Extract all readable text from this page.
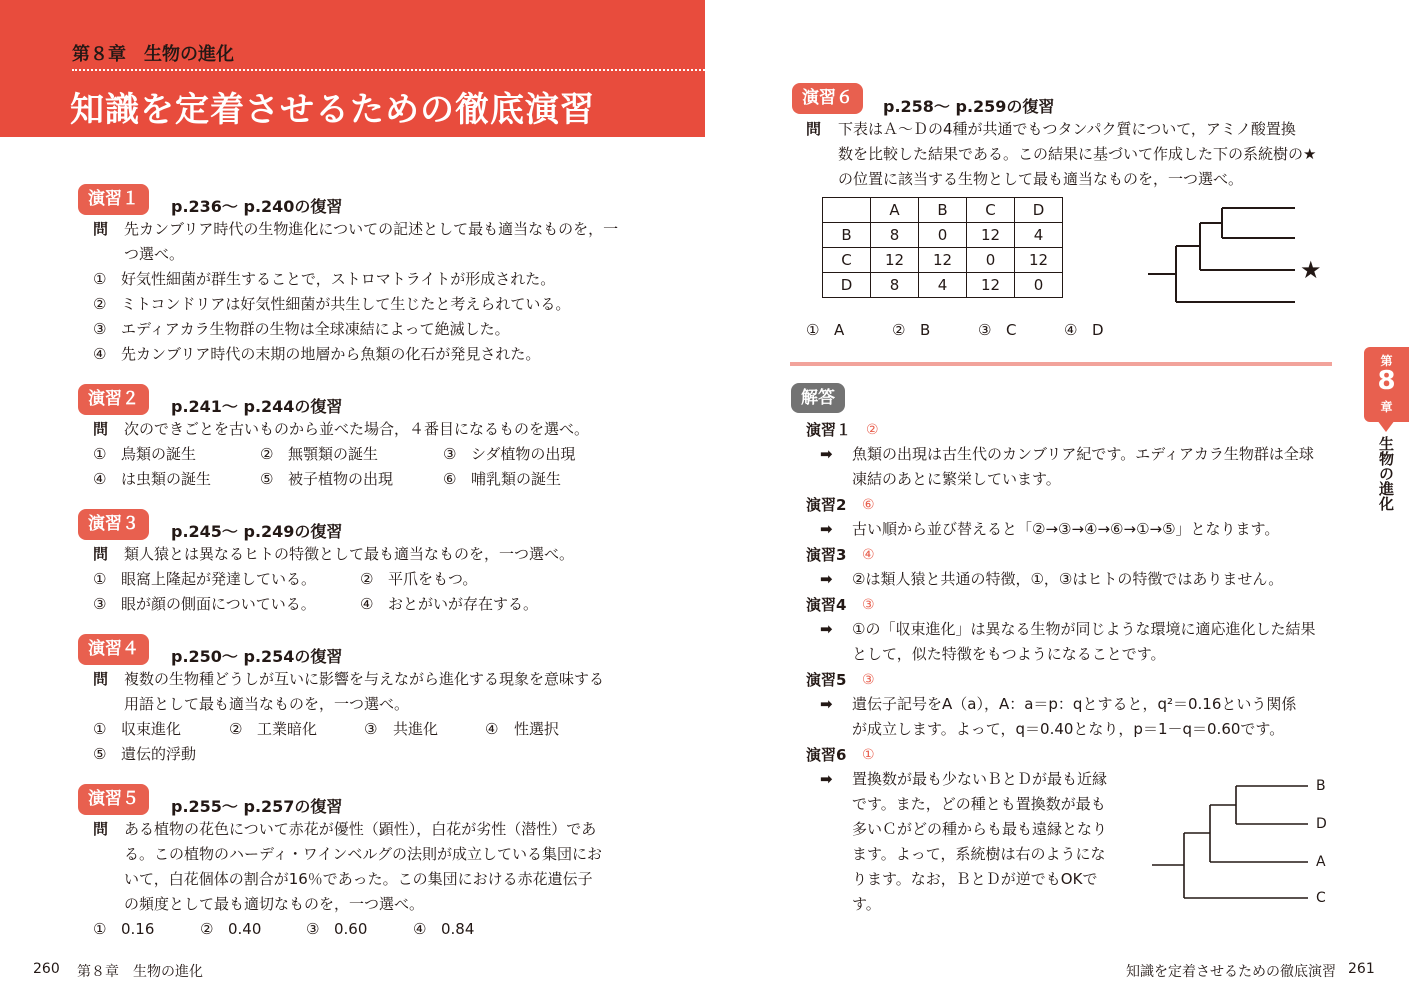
第８章　生物の進化
知識を定着させるための徹底演習
演習１	p.236～ p.240の復習
問 先カンブリア時代の生物進化についての記述として最も適当なものを，一
つ選べ。
① 好気性細菌が群生することで，ストロマトライトが形成された。
② ミトコンドリアは好気性細菌が共生して生じたと考えられている。
③ エディアカラ生物群の生物は全球凍結によって絶滅した。
④ 先カンブリア時代の末期の地層から魚類の化石が発見された。
演習２	p.241～ p.244の復習
問 次のできごとを古いものから並べた場合，４番目になるものを選べ。
① 鳥類の誕生	② 無顎類の誕生	③ シダ植物の出現
④ は虫類の誕生	⑤ 被子植物の出現	⑥ 哺乳類の誕生
演習３	p.245～ p.249の復習
問 類人猿とは異なるヒトの特徴として最も適当なものを，一つ選べ。
① 眼窩上隆起が発達している。	② 平爪をもつ。
③ 眼が顔の側面についている。	④ おとがいが存在する。
演習４	p.250～ p.254の復習
問 複数の生物種どうしが互いに影響を与えながら進化する現象を意味する
用語として最も適当なものを，一つ選べ。
① 収束進化	② 工業暗化	③ 共進化	④ 性選択
⑤ 遺伝的浮動
演習５	p.255～ p.257の復習
問 ある植物の花色について赤花が優性（顕性），白花が劣性（潜性）であ
る。この植物のハーディ・ワインベルグの法則が成立している集団にお
いて，白花個体の割合が16％であった。この集団における赤花遺伝子
の頻度として最も適切なものを，一つ選べ。
① 0.16	② 0.40	③ 0.60	④ 0.84
260 第８章　生物の進化
演習６	p.258～ p.259の復習
問 下表はＡ～Ｄの4種が共通でもつタンパク質について，アミノ酸置換
数を比較した結果である。この結果に基づいて作成した下の系統樹の★
の位置に該当する生物として最も適当なものを，一つ選べ。
	A	B	C	D
B	8	0	12	4
C	12	12	0	12
D	8	4	12	0
★
① A	② B	③ C	④ D
解答
演習１ ②
➡ 魚類の出現は古生代のカンブリア紀です。エディアカラ生物群は全球
凍結のあとに繁栄しています。
演習2 ⑥
➡ 古い順から並び替えると「②→③→④→⑥→①→⑤」となります。
演習3 ④
➡ ②は類人猿と共通の特徴，①，③はヒトの特徴ではありません。
演習4 ③
➡ ①の「収束進化」は異なる生物が同じような環境に適応進化した結果
として，似た特徴をもつようになることです。
演習5 ③
➡ 遺伝子記号をA（a），A：a＝p：qとすると，q²＝0.16という関係
が成立します。よって，q＝0.40となり，p＝1－q＝0.60です。
演習6 ①
➡ 置換数が最も少ないＢとＤが最も近縁
です。また，どの種とも置換数が最も
多いＣがどの種からも最も遠縁となり
ます。よって，系統樹は右のようにな
ります。なお，ＢとＤが逆でもOKで
す。
B
D
A
C
第
8
章
生物の進化
知識を定着させるための徹底演習 261
